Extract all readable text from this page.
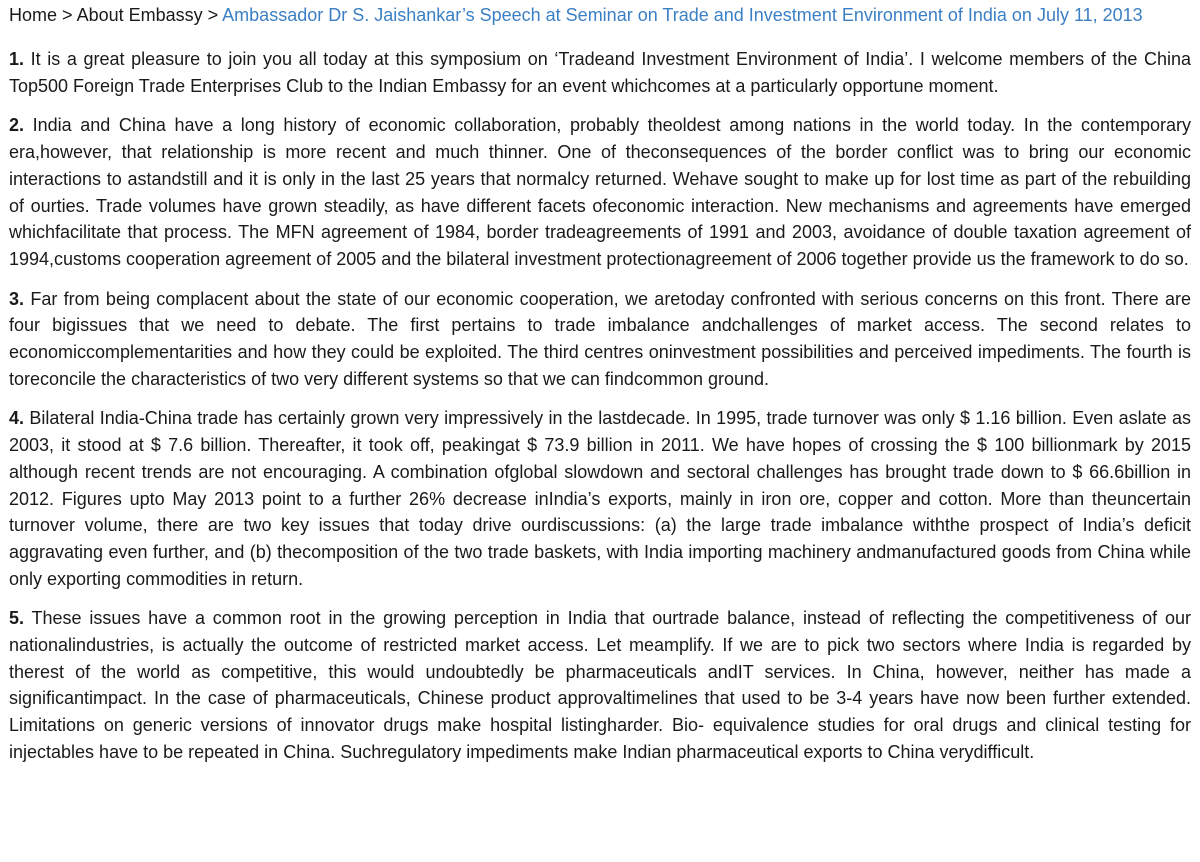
Home > About Embassy > Ambassador Dr S. Jaishankar’s Speech at Seminar on Trade and Investment Environment of India on July 11, 2013

1. It is a great pleasure to join you all today at this symposium on ‘Tradeand Investment Environment of India’. I welcome members of the China Top500 Foreign Trade Enterprises Club to the Indian Embassy for an event whichcomes at a particularly opportune moment.

2. India and China have a long history of economic collaboration, probably theoldest among nations in the world today. In the contemporary era,however, that relationship is more recent and much thinner. One of theconsequences of the border conflict was to bring our economic interactions to astandstill and it is only in the last 25 years that normalcy returned. Wehave sought to make up for lost time as part of the rebuilding of ourties. Trade volumes have grown steadily, as have different facets ofeconomic interaction. New mechanisms and agreements have emerged whichfacilitate that process. The MFN agreement of 1984, border tradeagreements of 1991 and 2003, avoidance of double taxation agreement of 1994,customs cooperation agreement of 2005 and the bilateral investment protectionagreement of 2006 together provide us the framework to do so.

3. Far from being complacent about the state of our economic cooperation, we aretoday confronted with serious concerns on this front. There are four bigissues that we need to debate. The first pertains to trade imbalance andchallenges of market access. The second relates to economiccomplementarities and how they could be exploited. The third centres oninvestment possibilities and perceived impediments. The fourth is toreconcile the characteristics of two very different systems so that we can findcommon ground.

4. Bilateral India-China trade has certainly grown very impressively in the lastdecade. In 1995, trade turnover was only $ 1.16 billion. Even aslate as 2003, it stood at $ 7.6 billion. Thereafter, it took off, peakingat $ 73.9 billion in 2011. We have hopes of crossing the $ 100 billionmark by 2015 although recent trends are not encouraging. A combination ofglobal slowdown and sectoral challenges has brought trade down to $ 66.6billion in 2012. Figures upto May 2013 point to a further 26% decrease inIndia’s exports, mainly in iron ore, copper and cotton. More than theuncertain turnover volume, there are two key issues that today drive ourdiscussions: (a) the large trade imbalance withthe prospect of India’s deficit aggravating even further, and (b) thecomposition of the two trade baskets, with India importing machinery andmanufactured goods from China while only exporting commodities in return.

5. These issues have a common root in the growing perception in India that ourtrade balance, instead of reflecting the competitiveness of our nationalindustries, is actually the outcome of restricted market access. Let meamplify. If we are to pick two sectors where India is regarded by therest of the world as competitive, this would undoubtedly be pharmaceuticals andIT services. In China, however, neither has made a significantimpact. In the case of pharmaceuticals, Chinese product approvaltimelines that used to be 3-4 years have now been further extended. Limitations on generic versions of innovator drugs make hospital listingharder. Bio- equivalence studies for oral drugs and clinical testing for injectables have to be repeated in China. Suchregulatory impediments make Indian pharmaceutical exports to China verydifficult.
